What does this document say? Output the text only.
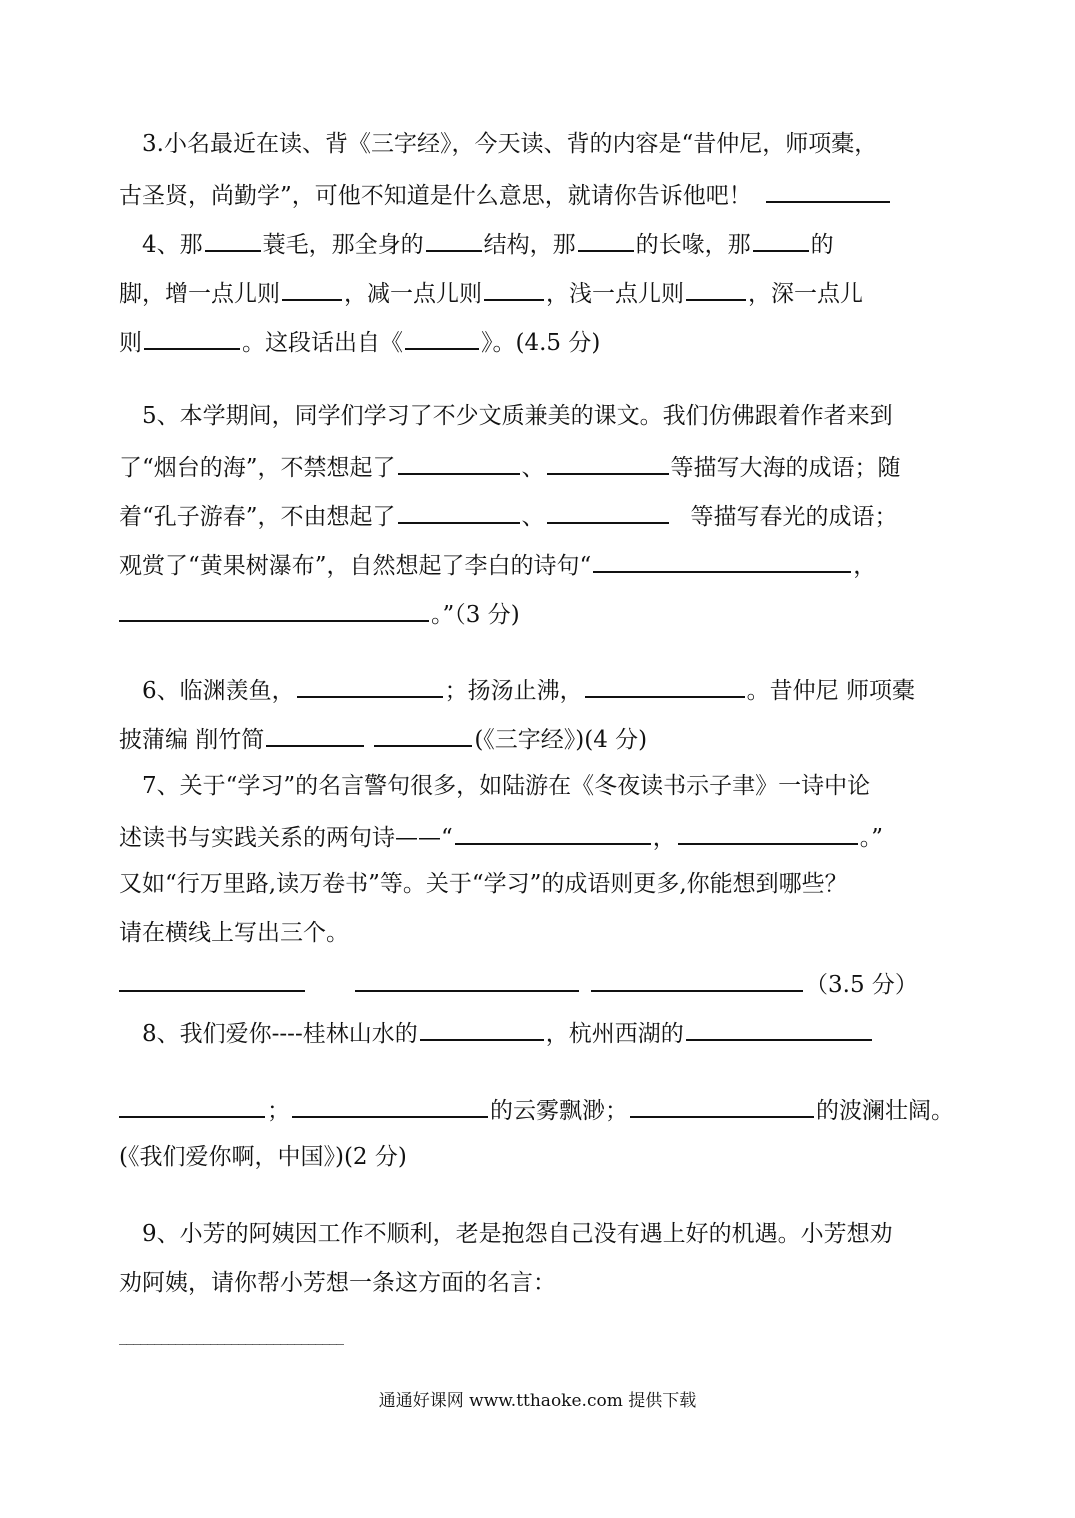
3.小名最近在读、背《三字经》，今天读、背的内容是“昔仲尼，师项橐，
古圣贤，尚勤学”，可他不知道是什么意思，就请你告诉他吧！
4、那	蓑毛，那全身的	结构，那	的长喙，那	的
脚，增一点儿则	，减一点儿则	，浅一点儿则	，深一点儿
则	。这段话出自《	》。(4.5 分)
5、本学期间，同学们学习了不少文质兼美的课文。我们仿佛跟着作者来到
了“烟台的海”，不禁想起了	、	等描写大海的成语；随
着“孔子游春”，不由想起了	、	等描写春光的成语；
观赏了“黄果树瀑布”，自然想起了李白的诗句“	，
。”（3 分)
6、临渊羡鱼，	；扬汤止沸，	。昔仲尼 师项橐
披蒲编 削竹简	(《三字经》)(4 分)
7、关于“学习”的名言警句很多，如陆游在《冬夜读书示子聿》一诗中论
述读书与实践关系的两句诗——“	，	。”
又如“行万里路,读万卷书”等。关于“学习”的成语则更多,你能想到哪些？
请在横线上写出三个。
（3.5 分）
8、我们爱你----桂林山水的	，杭州西湖的
；	的云雾飘渺；	的波澜壮阔。
(《我们爱你啊，中国》)(2 分)
9、小芳的阿姨因工作不顺利，老是抱怨自己没有遇上好的机遇。小芳想劝
劝阿姨，请你帮小芳想一条这方面的名言：
________________________________
通通好课网 www.tthaoke.com 提供下载
